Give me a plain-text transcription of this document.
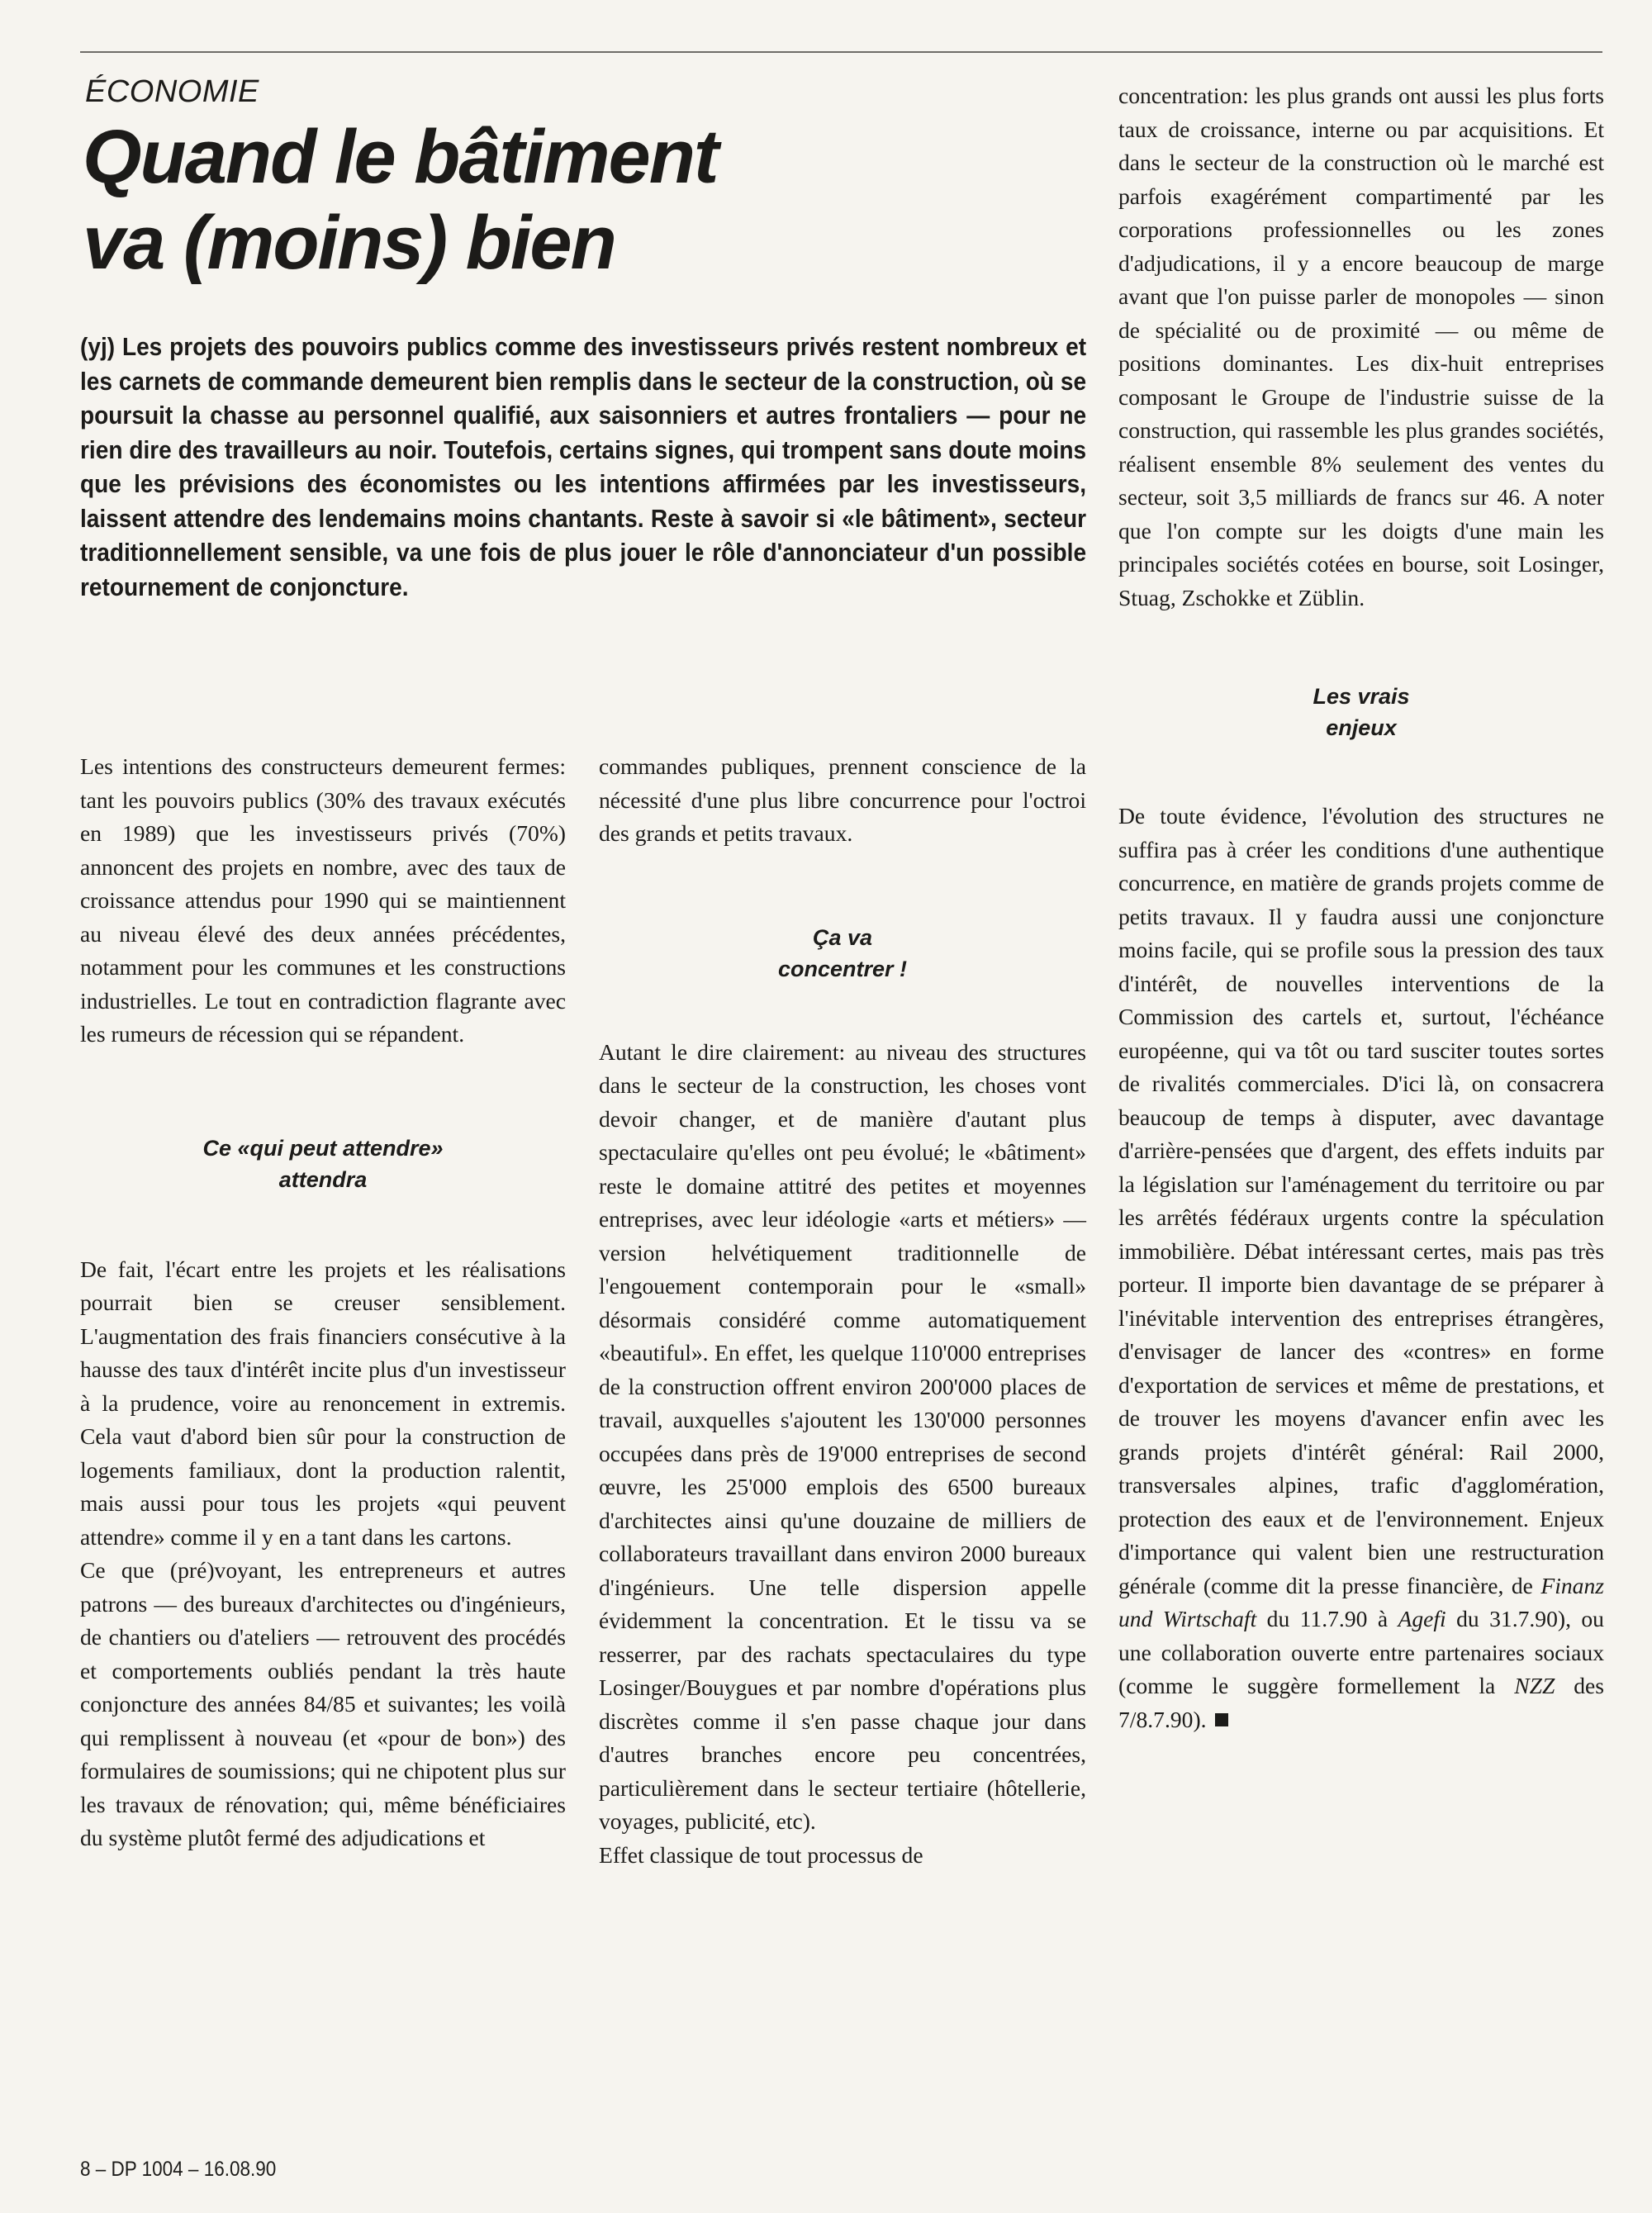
ÉCONOMIE
Quand le bâtiment
va (moins) bien

(yj) Les projets des pouvoirs publics comme des investisseurs privés restent nombreux et les carnets de commande demeurent bien remplis dans le secteur de la construction, où se poursuit la chasse au personnel qualifié, aux saisonniers et autres frontaliers — pour ne rien dire des travailleurs au noir. Toutefois, certains signes, qui trompent sans doute moins que les prévisions des économistes ou les intentions affirmées par les investisseurs, laissent attendre des lendemains moins chantants. Reste à savoir si «le bâtiment», secteur traditionnellement sensible, va une fois de plus jouer le rôle d'annonciateur d'un possible retournement de conjoncture.

Les intentions des constructeurs demeurent fermes: tant les pouvoirs publics (30% des travaux exécutés en 1989) que les investisseurs privés (70%) annoncent des projets en nombre, avec des taux de croissance attendus pour 1990 qui se maintiennent au niveau élevé des deux années précédentes, notamment pour les communes et les constructions industrielles. Le tout en contradiction flagrante avec les rumeurs de récession qui se répandent.

Ce «qui peut attendre»
attendra

De fait, l'écart entre les projets et les réalisations pourrait bien se creuser sensiblement. L'augmentation des frais financiers consécutive à la hausse des taux d'intérêt incite plus d'un investisseur à la prudence, voire au renoncement in extremis. Cela vaut d'abord bien sûr pour la construction de logements familiaux, dont la production ralentit, mais aussi pour tous les projets «qui peuvent attendre» comme il y en a tant dans les cartons.

Ce que (pré)voyant, les entrepreneurs et autres patrons — des bureaux d'architectes ou d'ingénieurs, de chantiers ou d'ateliers — retrouvent des procédés et comportements oubliés pendant la très haute conjoncture des années 84/85 et suivantes; les voilà qui remplissent à nouveau (et «pour de bon») des formulaires de soumissions; qui ne chipotent plus sur les travaux de rénovation; qui, même bénéficiaires du système plutôt fermé des adjudications et

commandes publiques, prennent conscience de la nécessité d'une plus libre concurrence pour l'octroi des grands et petits travaux.

Ça va
concentrer !

Autant le dire clairement: au niveau des structures dans le secteur de la construction, les choses vont devoir changer, et de manière d'autant plus spectaculaire qu'elles ont peu évolué; le «bâtiment» reste le domaine attitré des petites et moyennes entreprises, avec leur idéologie «arts et métiers» — version helvétiquement traditionnelle de l'engouement contemporain pour le «small» désormais considéré comme automatiquement «beautiful». En effet, les quelque 110'000 entreprises de la construction offrent environ 200'000 places de travail, auxquelles s'ajoutent les 130'000 personnes occupées dans près de 19'000 entreprises de second œuvre, les 25'000 emplois des 6500 bureaux d'architectes ainsi qu'une douzaine de milliers de collaborateurs travaillant dans environ 2000 bureaux d'ingénieurs. Une telle dispersion appelle évidemment la concentration. Et le tissu va se resserrer, par des rachats spectaculaires du type Losinger/Bouygues et par nombre d'opérations plus discrètes comme il s'en passe chaque jour dans d'autres branches encore peu concentrées, particulièrement dans le secteur tertiaire (hôtellerie, voyages, publicité, etc).

Effet classique de tout processus de

concentration: les plus grands ont aussi les plus forts taux de croissance, interne ou par acquisitions. Et dans le secteur de la construction où le marché est parfois exagérément compartimenté par les corporations professionnelles ou les zones d'adjudications, il y a encore beaucoup de marge avant que l'on puisse parler de monopoles — sinon de spécialité ou de proximité — ou même de positions dominantes. Les dix-huit entreprises composant le Groupe de l'industrie suisse de la construction, qui rassemble les plus grandes sociétés, réalisent ensemble 8% seulement des ventes du secteur, soit 3,5 milliards de francs sur 46. A noter que l'on compte sur les doigts d'une main les principales sociétés cotées en bourse, soit Losinger, Stuag, Zschokke et Züblin.

Les vrais
enjeux

De toute évidence, l'évolution des structures ne suffira pas à créer les conditions d'une authentique concurrence, en matière de grands projets comme de petits travaux. Il y faudra aussi une conjoncture moins facile, qui se profile sous la pression des taux d'intérêt, de nouvelles interventions de la Commission des cartels et, surtout, l'échéance européenne, qui va tôt ou tard susciter toutes sortes de rivalités commerciales. D'ici là, on consacrera beaucoup de temps à disputer, avec davantage d'arrière-pensées que d'argent, des effets induits par la législation sur l'aménagement du territoire ou par les arrêtés fédéraux urgents contre la spéculation immobilière. Débat intéressant certes, mais pas très porteur. Il importe bien davantage de se préparer à l'inévitable intervention des entreprises étrangères, d'envisager de lancer des «contres» en forme d'exportation de services et même de prestations, et de trouver les moyens d'avancer enfin avec les grands projets d'intérêt général: Rail 2000, transversales alpines, trafic d'agglomération, protection des eaux et de l'environnement. Enjeux d'importance qui valent bien une restructuration générale (comme dit la presse financière, de Finanz und Wirtschaft du 11.7.90 à Agefi du 31.7.90), ou une collaboration ouverte entre partenaires sociaux (comme le suggère formellement la NZZ des 7/8.7.90).

8 – DP 1004 – 16.08.90
